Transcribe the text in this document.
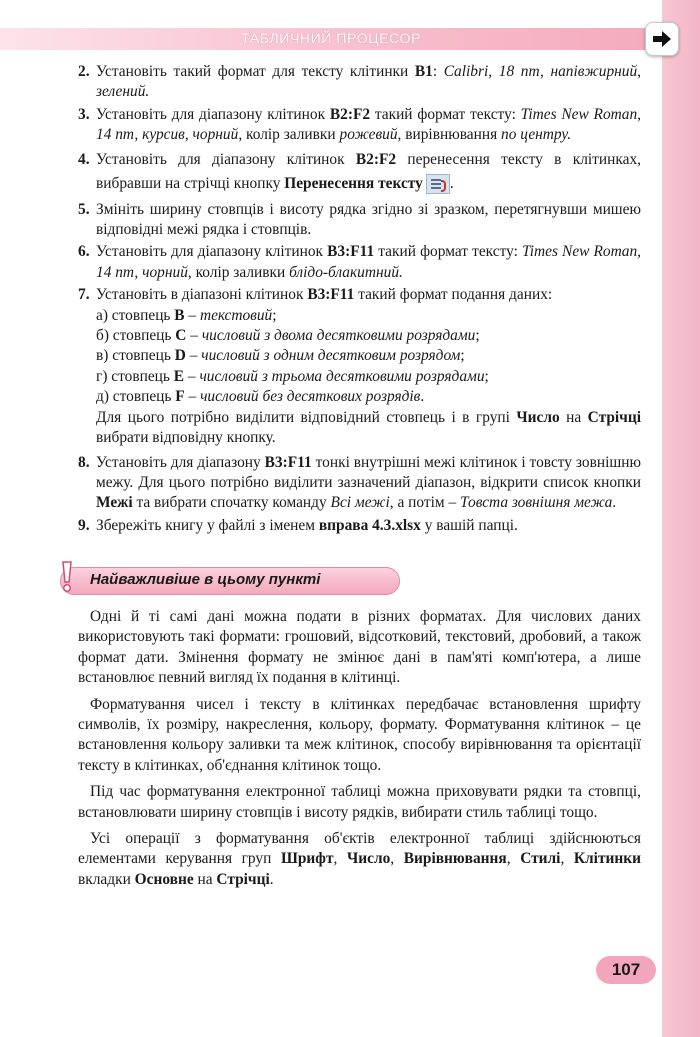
ТАБЛИЧНИЙ ПРОЦЕСОР
2. Установіть такий формат для тексту клітинки B1: Calibri, 18 пт, напівжирний, зелений.
3. Установіть для діапазону клітинок B2:F2 такий формат тексту: Times New Roman, 14 пт, курсив, чорний, колір заливки рожевий, вирівнювання по центру.
4. Установіть для діапазону клітинок B2:F2 перенесення тексту в клітинках, вибравши на стрічці кнопку Перенесення тексту .
5. Змініть ширину стовпців і висоту рядка згідно зі зразком, перетягнувши мишею відповідні межі рядка і стовпців.
6. Установіть для діапазону клітинок B3:F11 такий формат тексту: Times New Roman, 14 пт, чорний, колір заливки блідо-блакитний.
7. Установіть в діапазоні клітинок B3:F11 такий формат подання даних:
а) стовпець B – текстовий;
б) стовпець C – числовий з двома десятковими розрядами;
в) стовпець D – числовий з одним десятковим розрядом;
г) стовпець E – числовий з трьома десятковими розрядами;
д) стовпець F – числовий без десяткових розрядів.
Для цього потрібно виділити відповідний стовпець і в групі Число на Стрічці вибрати відповідну кнопку.
8. Установіть для діапазону B3:F11 тонкі внутрішні межі клітинок і товсту зовнішню межу. Для цього потрібно виділити зазначений діапазон, відкрити список кнопки Межі та вибрати спочатку команду Всі межі, а потім – Товста зовнішня межа.
9. Збережіть книгу у файлі з іменем вправа 4.3.xlsx у вашій папці.
Найважливіше в цьому пункті

Одні й ті самі дані можна подати в різних форматах. Для числових даних використовують такі формати: грошовий, відсотковий, текстовий, дробовий, а також формат дати. Змінення формату не змінює дані в пам'яті комп'ютера, а лише встановлює певний вигляд їх подання в клітинці.

Форматування чисел і тексту в клітинках передбачає встановлення шрифту символів, їх розміру, накреслення, кольору, формату. Форматування клітинок – це встановлення кольору заливки та меж клітинок, способу вирівнювання та орієнтації тексту в клітинках, об'єднання клітинок тощо.

Під час форматування електронної таблиці можна приховувати рядки та стовпці, встановлювати ширину стовпців і висоту рядків, вибирати стиль таблиці тощо.

Усі операції з форматування об'єктів електронної таблиці здійснюються елементами керування груп Шрифт, Число, Вирівнювання, Стилі, Клітинки вкладки Основне на Стрічці.

107
